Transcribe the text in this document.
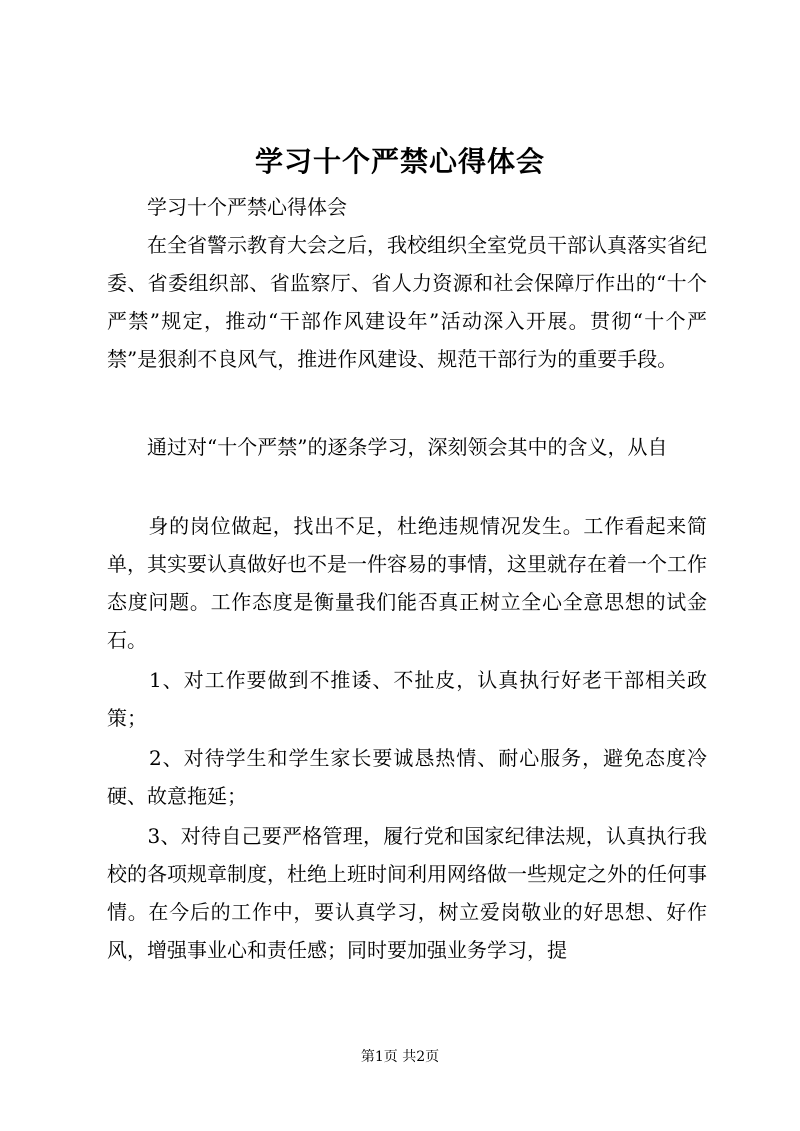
学习十个严禁心得体会

　　学习十个严禁心得体会

　　在全省警示教育大会之后，我校组织全室党员干部认真落实省纪委、省委组织部、省监察厅、省人力资源和社会保障厅作出的“十个严禁”规定，推动“干部作风建设年”活动深入开展。贯彻“十个严禁”是狠刹不良风气，推进作风建设、规范干部行为的重要手段。

　　通过对“十个严禁”的逐条学习，深刻领会其中的含义，从自

　　身的岗位做起，找出不足，杜绝违规情况发生。工作看起来简单，其实要认真做好也不是一件容易的事情，这里就存在着一个工作态度问题。工作态度是衡量我们能否真正树立全心全意思想的试金石。

　　1、对工作要做到不推诿、不扯皮，认真执行好老干部相关政策；

　　2、对待学生和学生家长要诚恳热情、耐心服务，避免态度冷硬、故意拖延；

　　3、对待自己要严格管理，履行党和国家纪律法规，认真执行我校的各项规章制度，杜绝上班时间利用网络做一些规定之外的任何事情。在今后的工作中，要认真学习，树立爱岗敬业的好思想、好作风，增强事业心和责任感；同时要加强业务学习，提

第1页 共2页
